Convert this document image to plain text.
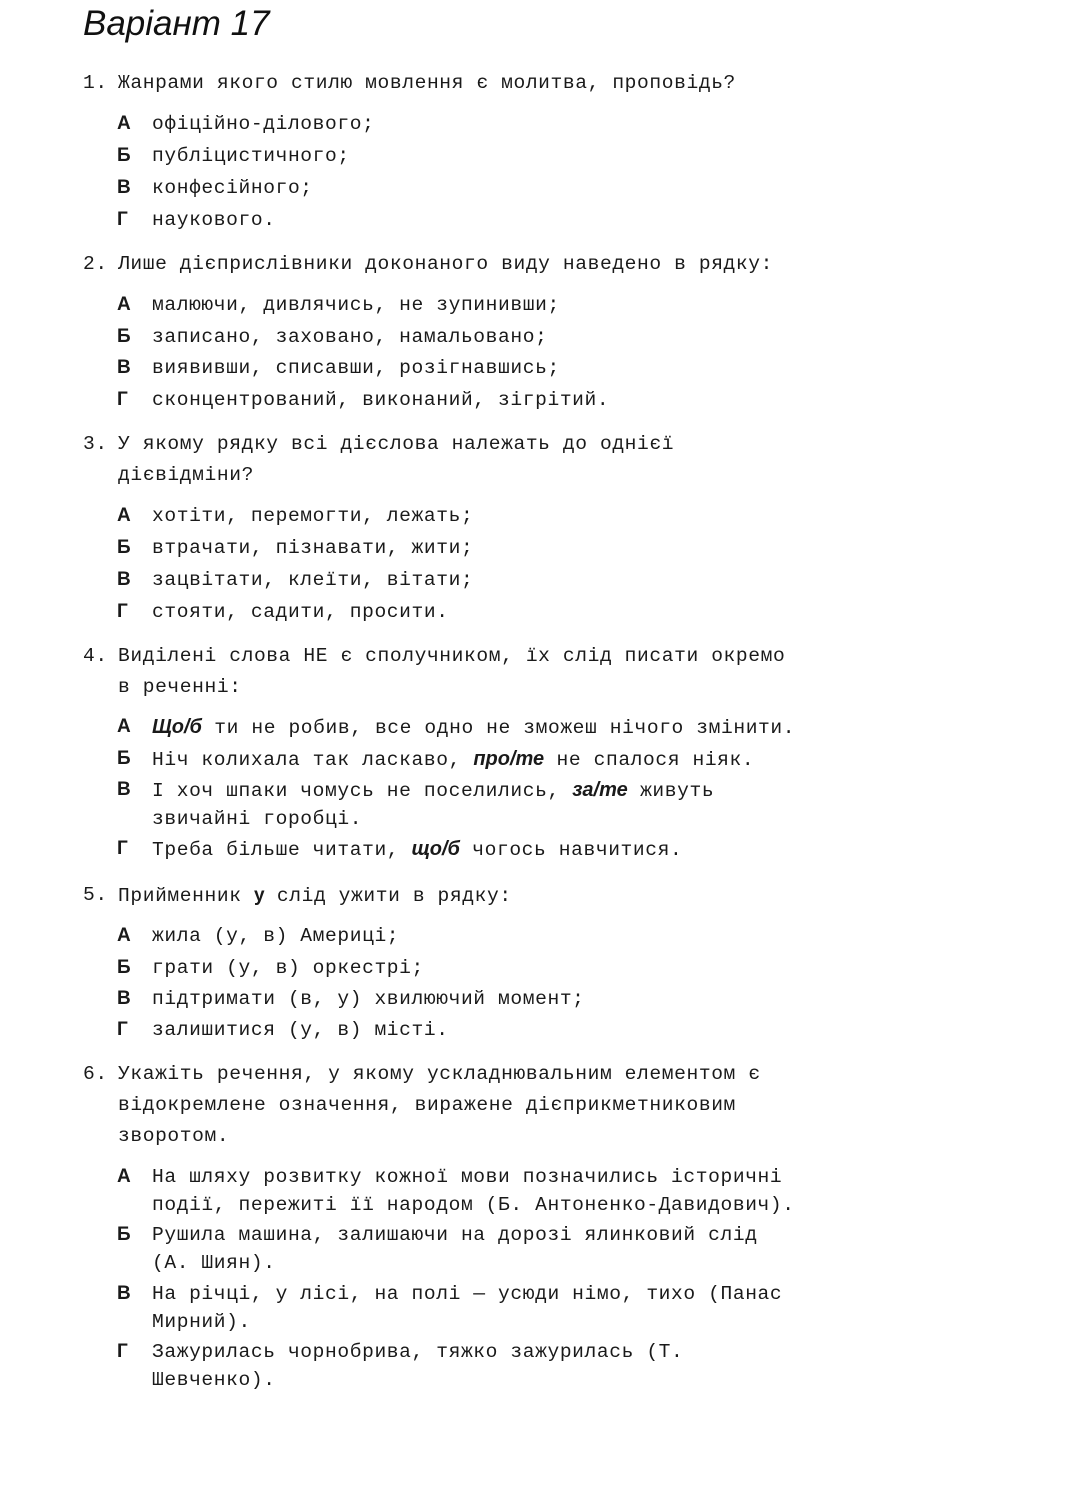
Варіант 17
1. Жанрами якого стилю мовлення є молитва, проповідь?
А	офіційно-ділового;
Б	публіцистичного;
В	конфесійного;
Г	наукового.
2. Лише дієприслівники доконаного виду наведено в рядку:
А	малюючи, дивлячись, не зупинивши;
Б	записано, заховано, намальовано;
В	виявивши, списавши, розігнавшись;
Г	сконцентрований, виконаний, зігрітий.
3. У якому рядку всі дієслова належать до однієї
дієвідміни?
А	хотіти, перемогти, лежать;
Б	втрачати, пізнавати, жити;
В	зацвітати, клеїти, вітати;
Г	стояти, садити, просити.
4. Виділені слова НЕ є сполучником, їх слід писати окремо
в реченні:
А	Що/б ти не робив, все одно не зможеш нічого змінити.
Б	Ніч колихала так ласкаво, про/те не спалося ніяк.
В	І хоч шпаки чомусь не поселились, за/те живуть
звичайні горобці.
Г	Треба більше читати, що/б чогось навчитися.
5. Прийменник у слід ужити в рядку:
А	жила (у, в) Америці;
Б	грати (у, в) оркестрі;
В	підтримати (в, у) хвилюючий момент;
Г	залишитися (у, в) місті.
6. Укажіть речення, у якому ускладнювальним елементом є
відокремлене означення, виражене дієприкметниковим
зворотом.
А	На шляху розвитку кожної мови позначились історичні
події, пережиті її народом (Б. Антоненко-Давидович).
Б	Рушила машина, залишаючи на дорозі ялинковий слід
(А. Шиян).
В	На річці, у лісі, на полі — усюди німо, тихо (Панас
Мирний).
Г	Зажурилась чорнобрива, тяжко зажурилась (Т.
Шевченко).
